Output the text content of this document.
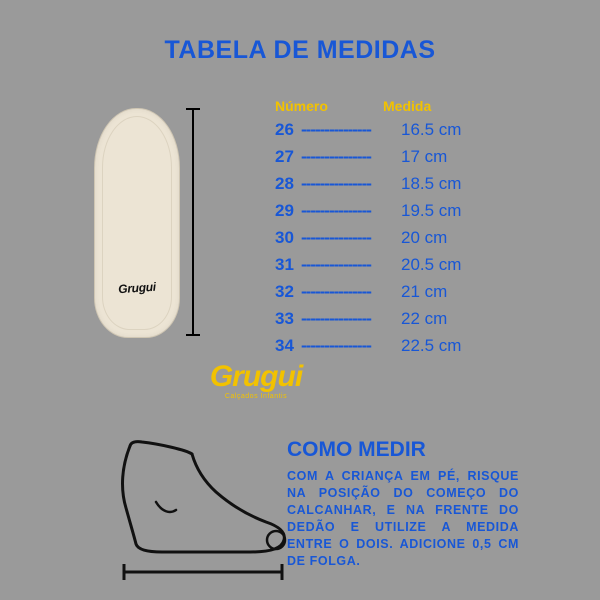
TABELA DE MEDIDAS
Grugui
Número	Medida
26 ---------------	16.5 cm
27 ---------------	17 cm
28 ---------------	18.5 cm
29 ---------------	19.5 cm
30 ---------------	20 cm
31 ---------------	20.5 cm
32 ---------------	21 cm
33 ---------------	22 cm
34 ---------------	22.5 cm
Grugui
Calçados Infantis
COMO MEDIR
COM A CRIANÇA EM PÉ, RISQUE NA POSIÇÃO DO COMEÇO DO CALCANHAR, E NA FRENTE DO DEDÃO E UTILIZE A MEDIDA ENTRE O DOIS. ADICIONE 0,5 CM DE FOLGA.
